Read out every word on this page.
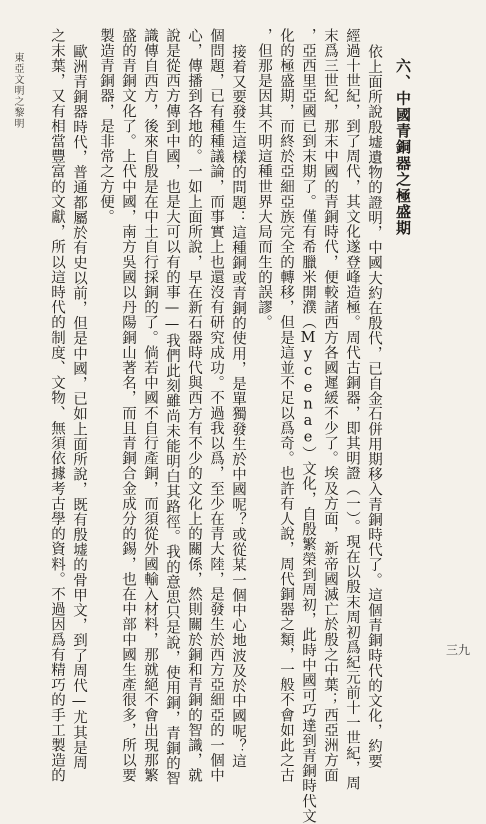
東亞文明之黎明
三九
六、中國青銅器之極盛期
依上面所說殷墟遺物的證明，中國大約在殷代，已自金石併用期移入青銅時代了。這個青銅時代的文化，約要
經過十世紀，到了周代，其文化遂登峰造極。周代古銅器，即其明證（一）。現在以殷末周初爲紀元前十一世紀，周
末爲三世紀，那末中國的青銅時代，便較諸西方各國遲緩不少了。埃及方面，新帝國滅亡於殷之中葉；西亞洲方面
，亞西里亞國已到末期了。僅有希臘米開濮（Mycenae）文化，自殷繁榮到周初，此時中國可巧達到青銅時代文
化的極盛期，而終於亞細亞族完全的轉移，但是這並不足以爲奇。也許有人說，周代銅器之類，一般不會如此之古
，但那是因其不明這種世界大局而生的誤謬。
接着又要發生這樣的問題：這種銅或青銅的使用，是單獨發生於中國呢？或從某一個中心地波及於中國呢？這
個問題，已有種種議論，而事實上也還沒有研究成功。不過我以爲，至少在青大陸，是發生於西方亞細亞的一個中
心，傳播到各地的。一如上面所說，早在新石器時代與西方有不少的文化上的關係，然則關於銅和青銅的智識，就
說是從西方傳到中國，也是大可以有的事——我們此刻雖尚未能明白其路徑。我的意思只是說，使用銅，青銅的智
識傳自西方，後來自殷是在中土自行採銅的了。倘若中國不自行產銅，而須從外國輸入材料，那就絕不會出現那繁
盛的青銅文化了。上代中國，南方吳國以丹陽銅山著名，而且青銅合金成分的錫，也在中部中國生產很多，所以要
製造青銅器，是非常之方便。
歐洲青銅器時代，普通都屬於有史以前，但是中國，已如上面所說，既有殷墟的骨甲文，到了周代—尤其是周
之末葉，又有相當豐富的文獻，所以這時代的制度、文物、無須依據考古學的資料。不過因爲有精巧的手工製造的
